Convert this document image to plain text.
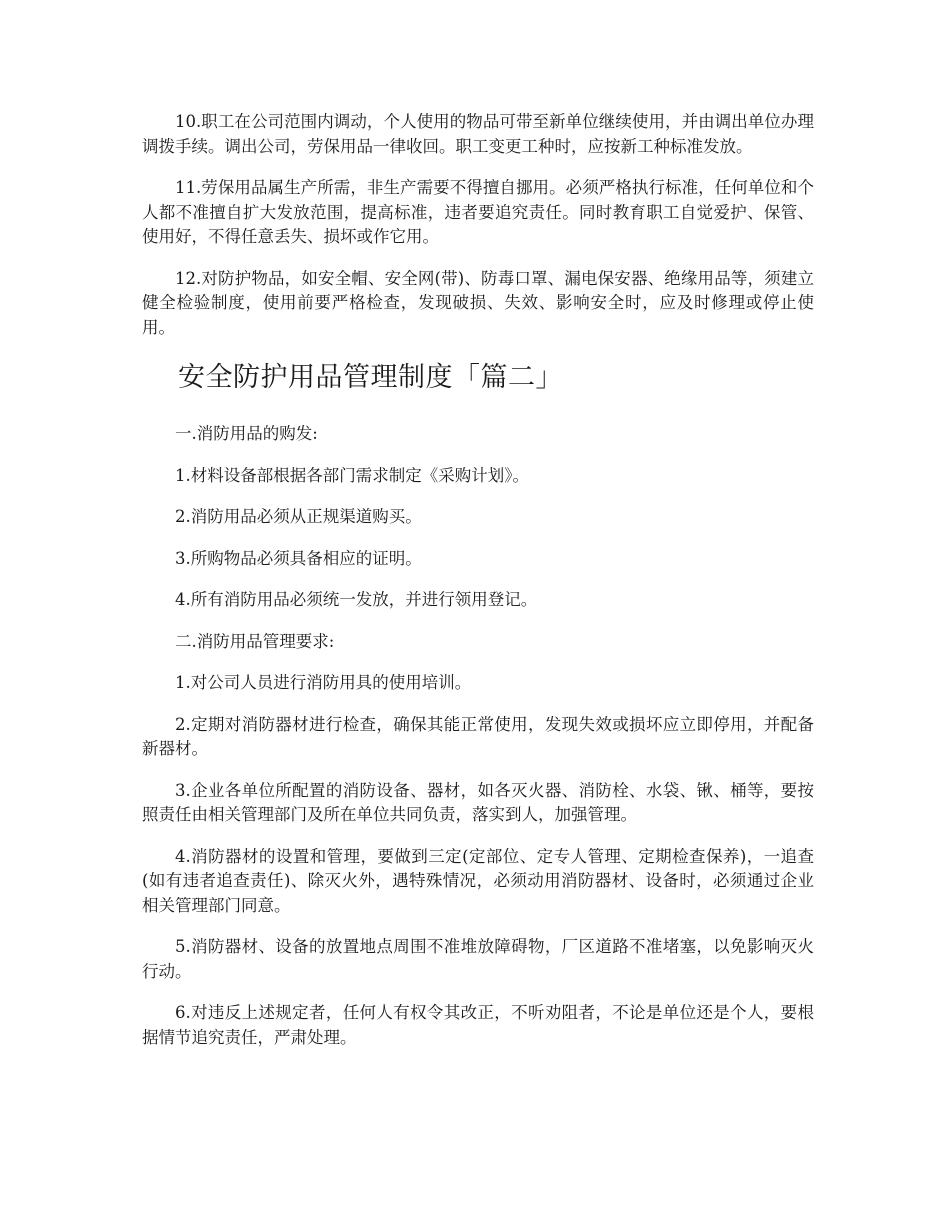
10.职工在公司范围内调动，个人使用的物品可带至新单位继续使用，并由调出单位办理调拨手续。调出公司，劳保用品一律收回。职工变更工种时，应按新工种标准发放。

11.劳保用品属生产所需，非生产需要不得擅自挪用。必须严格执行标准，任何单位和个人都不准擅自扩大发放范围，提高标准，违者要追究责任。同时教育职工自觉爱护、保管、使用好，不得任意丢失、损坏或作它用。

12.对防护物品，如安全帽、安全网(带)、防毒口罩、漏电保安器、绝缘用品等，须建立健全检验制度，使用前要严格检查，发现破损、失效、影响安全时，应及时修理或停止使用。

安全防护用品管理制度「篇二」

一.消防用品的购发:

1.材料设备部根据各部门需求制定《采购计划》。

2.消防用品必须从正规渠道购买。

3.所购物品必须具备相应的证明。

4.所有消防用品必须统一发放，并进行领用登记。

二.消防用品管理要求:

1.对公司人员进行消防用具的使用培训。

2.定期对消防器材进行检查，确保其能正常使用，发现失效或损坏应立即停用，并配备新器材。

3.企业各单位所配置的消防设备、器材，如各灭火器、消防栓、水袋、锹、桶等，要按照责任由相关管理部门及所在单位共同负责，落实到人，加强管理。

4.消防器材的设置和管理，要做到三定(定部位、定专人管理、定期检查保养)，一追查(如有违者追查责任)、除灭火外，遇特殊情况，必须动用消防器材、设备时，必须通过企业相关管理部门同意。

5.消防器材、设备的放置地点周围不准堆放障碍物，厂区道路不准堵塞，以免影响灭火行动。

6.对违反上述规定者，任何人有权令其改正，不听劝阻者，不论是单位还是个人，要根据情节追究责任，严肃处理。
